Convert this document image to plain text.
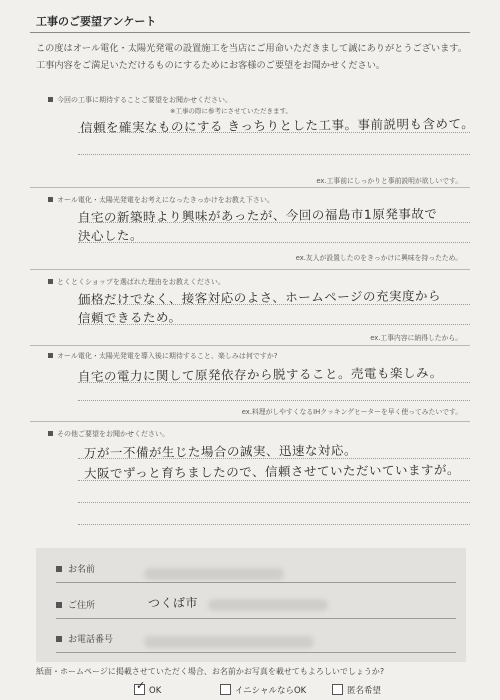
工事のご要望アンケート
この度はオール電化・太陽光発電の設置施工を当店にご用命いただきまして誠にありがとうございます。工事内容をご満足いただけるものにするためにお客様のご要望をお聞かせください。
今回の工事に期待することご要望をお聞かせください。
※工事の際に参考にさせていただきます。
信頼を確実なものにする きっちりとした工事。事前説明も含めて。
ex.工事前にしっかりと事前説明が欲しいです。
オール電化・太陽光発電をお考えになったきっかけをお教え下さい。
自宅の新築時より興味があったが、今回の福島市1原発事故で
決心した。
ex.友人が設置したのをきっかけに興味を持ったため。
とくとくショップを選ばれた理由をお教えください。
価格だけでなく、接客対応のよさ、ホームページの充実度から
信頼できるため。
ex.工事内容に納得したから。
オール電化・太陽光発電を導入後に期待すること、楽しみは何ですか?
自宅の電力に関して原発依存から脱すること。売電も楽しみ。
ex.料理がしやすくなるIHクッキングヒーターを早く使ってみたいです。
その他ご要望をお聞かせください。
万が一不備が生じた場合の誠実、迅速な対応。
大阪でずっと育ちましたので、信頼させていただいていますが。
お名前
ご住所	つくば市
お電話番号
紙面・ホームページに掲載させていただく場合、お名前かお写真を載せてもよろしいでしょうか?
✓ OK	イニシャルならOK	匿名希望
